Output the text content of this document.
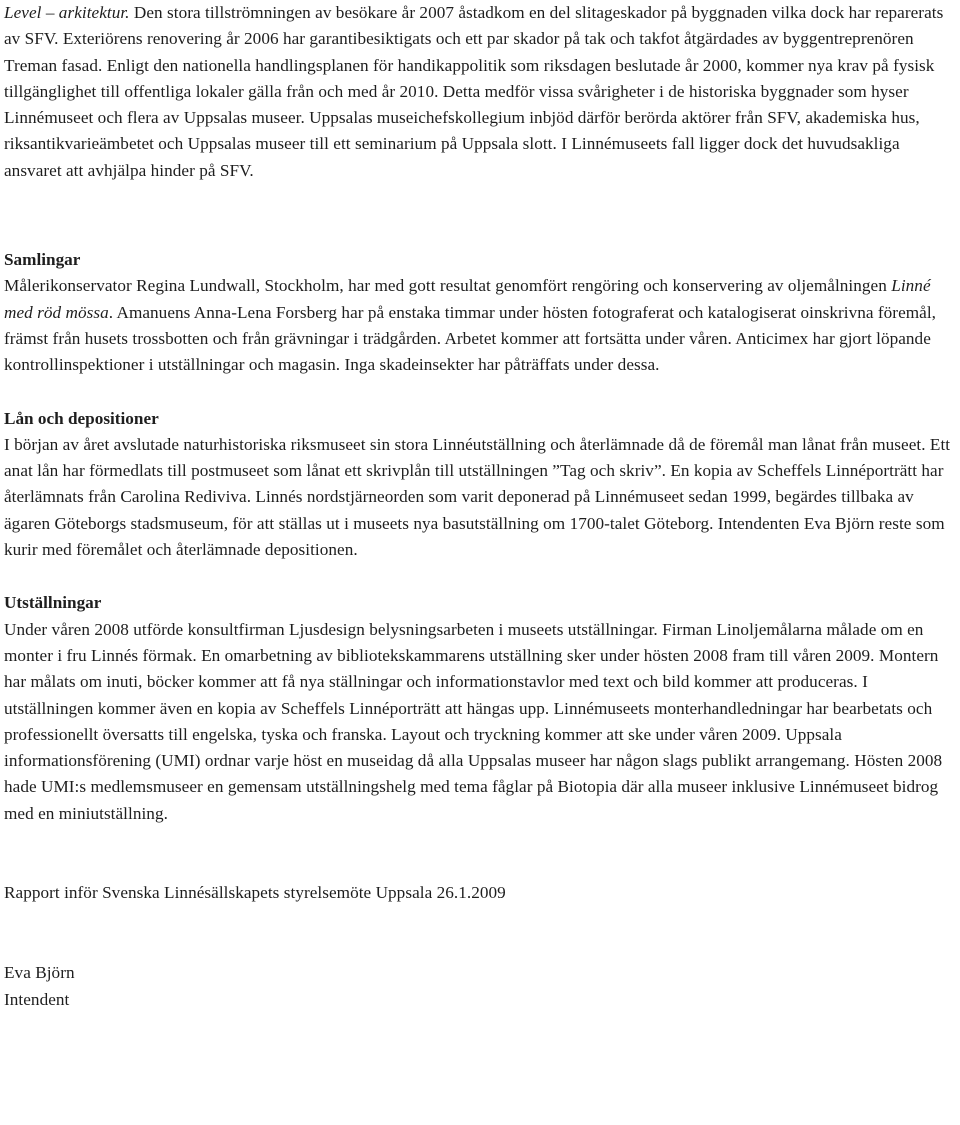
Level – arkitektur. Den stora tillströmningen av besökare år 2007 åstadkom en del slitageskador på byggnaden vilka dock har reparerats av SFV. Exteriörens renovering år 2006 har garantibesiktigats och ett par skador på tak och takfot åtgärdades av byggentreprenören Treman fasad. Enligt den nationella handlingsplanen för handikappolitik som riksdagen beslutade år 2000, kommer nya krav på fysisk tillgänglighet till offentliga lokaler gälla från och med år 2010. Detta medför vissa svårigheter i de historiska byggnader som hyser Linnémuseet och flera av Uppsalas museer. Uppsalas museichefskollegium inbjöd därför berörda aktörer från SFV, akademiska hus, riksantikvarieämbetet och Uppsalas museer till ett seminarium på Uppsala slott. I Linnémuseets fall ligger dock det huvudsakliga ansvaret att avhjälpa hinder på SFV.

Samlingar

Målerikonservator Regina Lundwall, Stockholm, har med gott resultat genomfört rengöring och konservering av oljemålningen Linné med röd mössa. Amanuens Anna-Lena Forsberg har på enstaka timmar under hösten fotograferat och katalogiserat oinskrivna föremål, främst från husets trossbotten och från grävningar i trädgården. Arbetet kommer att fortsätta under våren. Anticimex har gjort löpande kontrollinspektioner i utställningar och magasin. Inga skadeinsekter har påträffats under dessa.

Lån och depositioner

I början av året avslutade naturhistoriska riksmuseet sin stora Linnéutställning och återlämnade då de föremål man lånat från museet. Ett anat lån har förmedlats till postmuseet som lånat ett skrivplån till utställningen ”Tag och skriv”. En kopia av Scheffels Linnéporträtt har återlämnats från Carolina Rediviva. Linnés nordstjärneorden som varit deponerad på Linnémuseet sedan 1999, begärdes tillbaka av ägaren Göteborgs stadsmuseum, för att ställas ut i museets nya basutställning om 1700-talet Göteborg. Intendenten Eva Björn reste som kurir med föremålet och återlämnade depositionen.

Utställningar

Under våren 2008 utförde konsultfirman Ljusdesign belysningsarbeten i museets utställningar. Firman Linoljemålarna målade om en monter i fru Linnés förmak. En omarbetning av bibliotekskammarens utställning sker under hösten 2008 fram till våren 2009. Montern har målats om inuti, böcker kommer att få nya ställningar och informationstavlor med text och bild kommer att produceras. I utställningen kommer även en kopia av Scheffels Linnéporträtt att hängas upp. Linnémuseets monterhandledningar har bearbetats och professionellt översatts till engelska, tyska och franska. Layout och tryckning kommer att ske under våren 2009. Uppsala informationsförening (UMI) ordnar varje höst en museidag då alla Uppsalas museer har någon slags publikt arrangemang. Hösten 2008 hade UMI:s medlemsmuseer en gemensam utställningshelg med tema fåglar på Biotopia där alla museer inklusive Linnémuseet bidrog med en miniutställning.

Rapport inför Svenska Linnésällskapets styrelsemöte Uppsala 26.1.2009

Eva Björn
Intendent
